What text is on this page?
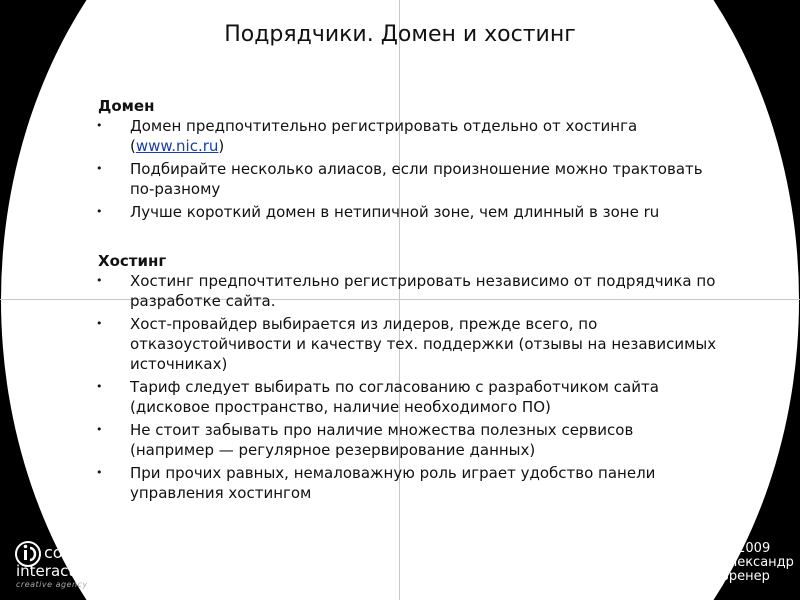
Подрядчики. Домен и хостинг

Домен

• Домен предпочтительно регистрировать отдельно от хостинга (www.nic.ru)
• Подбирайте несколько алиасов, если произношение можно трактовать по-разному
• Лучше короткий домен в нетипичной зоне, чем длинный в зоне ru

Хостинг

• Хостинг предпочтительно регистрировать независимо от подрядчика по разработке сайта.
• Хост-провайдер выбирается из лидеров, прежде всего, по отказоустойчивости и качеству тех. поддержки (отзывы на независимых источниках)
• Тариф следует выбирать по согласованию с разработчиком сайта (дисковое пространство, наличие необходимого ПО)
• Не стоит забывать про наличие множества полезных сервисов (например — регулярное резервирование данных)
• При прочих равных, немаловажную роль играет удобство панели управления хостингом
contrast
interactive
creative agency
© 2009
Александр
Бренер
